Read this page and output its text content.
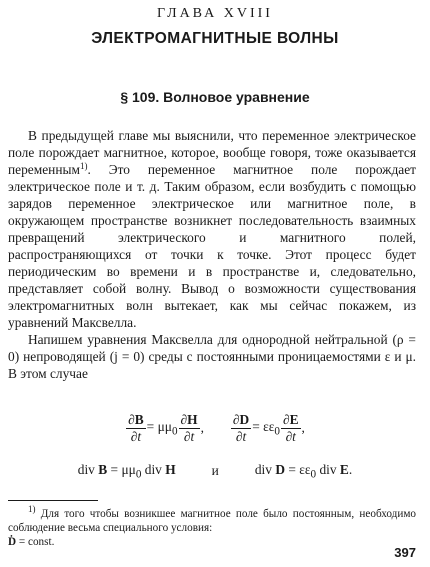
ГЛАВА XVIII
ЭЛЕКТРОМАГНИТНЫЕ ВОЛНЫ
§ 109. Волновое уравнение

В предыдущей главе мы выяснили, что переменное электрическое поле порождает магнитное, которое, вообще говоря, тоже оказывается переменным$^{1)}$. Это переменное магнитное поле порождает электрическое поле и т. д. Таким образом, если возбудить с помощью зарядов переменное электрическое или магнитное поле, в окружающем пространстве возникнет последовательность взаимных превращений электрического и магнитного полей, распространяющихся от точки к точке. Этот процесс будет периодическим во времени и в пространстве и, следовательно, представляет собой волну. Вывод о возможности существования электромагнитных волн вытекает, как мы сейчас покажем, из уравнений Максвелла.

Напишем уравнения Максвелла для однородной нейтральной (ρ = 0) непроводящей (j = 0) среды с постоянными проницаемостями ε и μ. В этом случае

$\frac{\partial B}{\partial t} = \mu\mu_0 \frac{\partial H}{\partial t}$ , $\frac{\partial D}{\partial t} = \varepsilon\varepsilon_0 \frac{\partial E}{\partial t}$ ,
div $B = \mu\mu_0$ div H	и	div $D = \varepsilon\varepsilon_0$ div E.

$^{1)}$ Для того чтобы возникшее магнитное поле было постоянным, необходимо соблюдение весьма специального условия:
Ḋ = const.

397
